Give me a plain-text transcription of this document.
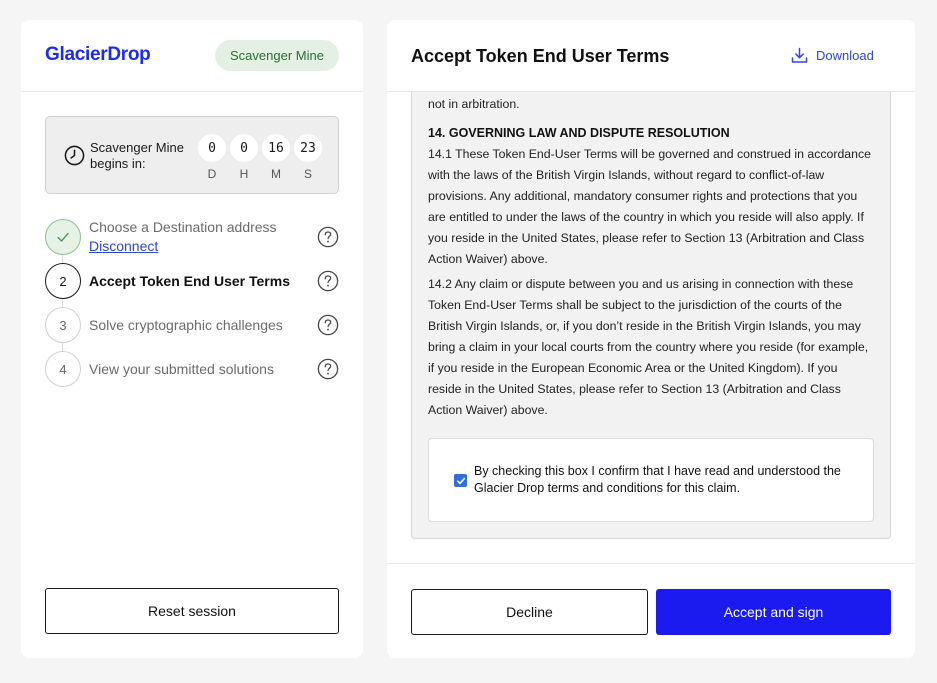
GlacierDrop	Scavenger Mine
Scavenger Mine begins in:
0
D
0
H
16
M
23
S
Choose a Destination address
Disconnect
2	Accept Token End User Terms
3	Solve cryptographic challenges
4	View your submitted solutions
Reset session
Accept Token End User Terms	Download

not in arbitration.

14. GOVERNING LAW AND DISPUTE RESOLUTION

14.1 These Token End-User Terms will be governed and construed in accordance with the laws of the British Virgin Islands, without regard to conflict-of-law provisions. Any additional, mandatory consumer rights and protections that you are entitled to under the laws of the country in which you reside will also apply. If you reside in the United States, please refer to Section 13 (Arbitration and Class Action Waiver) above.

14.2 Any claim or dispute between you and us arising in connection with these Token End-User Terms shall be subject to the jurisdiction of the courts of the British Virgin Islands, or, if you don’t reside in the British Virgin Islands, you may bring a claim in your local courts from the country where you reside (for example, if you reside in the European Economic Area or the United Kingdom). If you reside in the United States, please refer to Section 13 (Arbitration and Class Action Waiver) above.

By checking this box I confirm that I have read and understood the Glacier Drop terms and conditions for this claim.
Decline	Accept and sign
